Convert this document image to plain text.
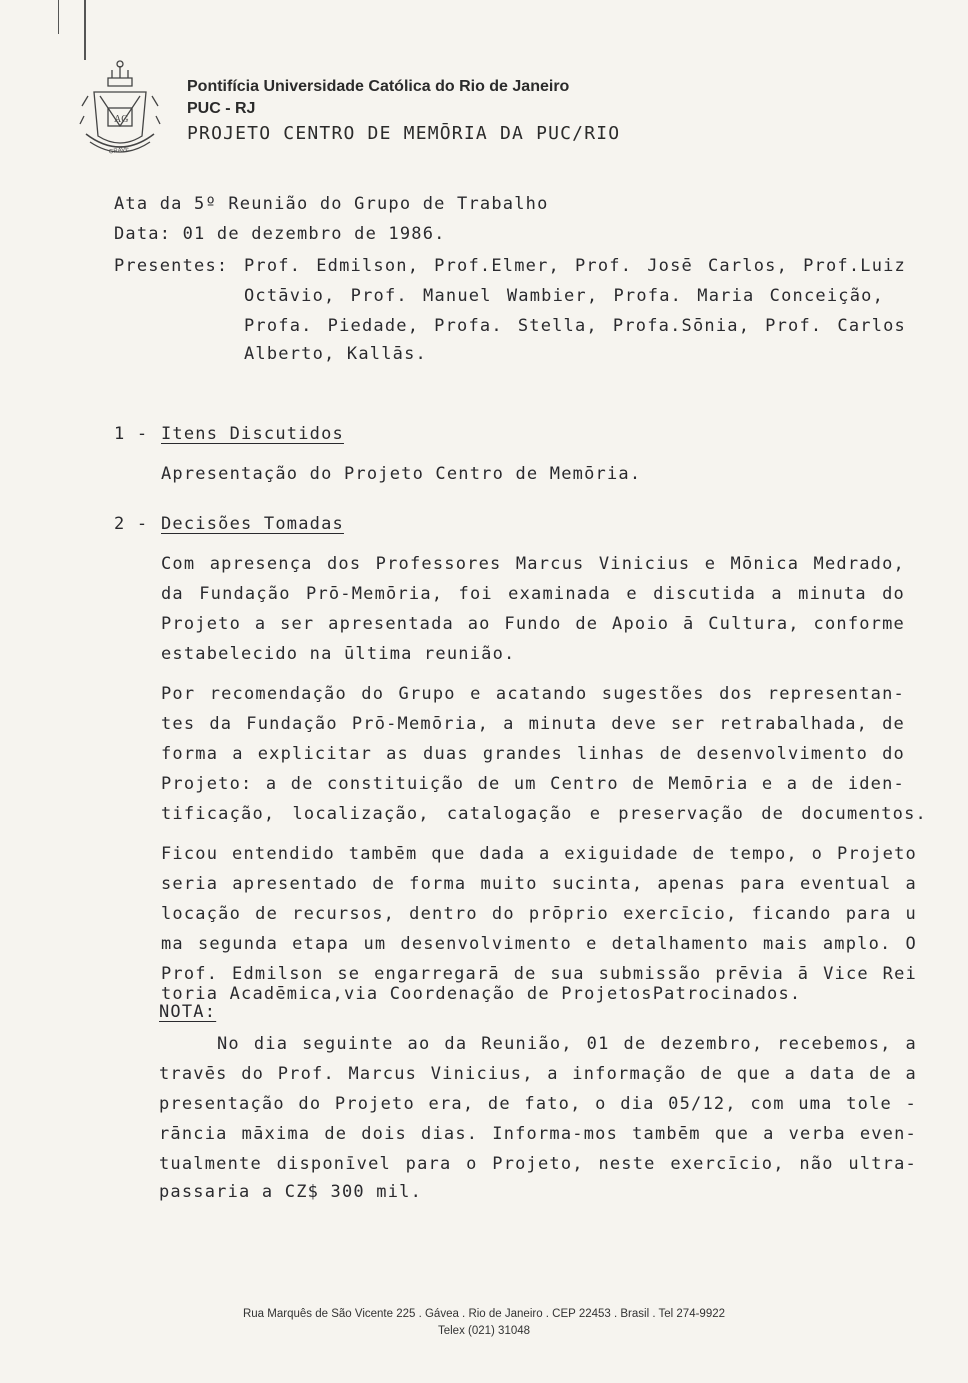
AG
GRAVE
Pontifícia Universidade Católica do Rio de Janeiro
PUC - RJ
PROJETO CENTRO DE MEMŌRIA DA PUC/RIO
Ata da 5º Reunião do Grupo de Trabalho
Data: 01 de dezembro de 1986.
Presentes: Prof. Edmilson, Prof.Elmer, Prof. Josē Carlos, Prof.Luiz
Octāvio, Prof. Manuel Wambier, Profa. Maria Conceição,
Profa. Piedade, Profa. Stella, Profa.Sōnia, Prof. Carlos
Alberto, Kallās.
1 - Itens Discutidos
Apresentação do Projeto Centro de Memōria.
2 - Decisões Tomadas
Com apresença dos Professores Marcus Vinicius e Mōnica Medrado,
da Fundação Prō-Memōria, foi examinada e discutida a minuta do
Projeto a ser apresentada ao Fundo de Apoio ā Cultura, conforme
estabelecido na ūltima reunião.
Por recomendação do Grupo e acatando sugestões dos representan-
tes da Fundação Prō-Memōria, a minuta deve ser retrabalhada, de
forma a explicitar as duas grandes linhas de desenvolvimento do
Projeto: a de constituição de um Centro de Memōria e a de iden-
tificação, localização, catalogação e preservação de documentos.
Ficou entendido tambēm que dada a exiguidade de tempo, o Projeto
seria apresentado de forma muito sucinta, apenas para eventual a
locação de recursos, dentro do prōprio exercīcio, ficando para u
ma segunda etapa um desenvolvimento e detalhamento mais amplo. O
Prof. Edmilson se engarregarā de sua submissão prēvia ā Vice Rei
toria Acadēmica,via Coordenação de ProjetosPatrocinados.
NOTA:
No dia seguinte ao da Reunião, 01 de dezembro, recebemos, a
travēs do Prof. Marcus Vinicius, a informação de que a data de a
presentação do Projeto era, de fato, o dia 05/12, com uma tole -
rāncia māxima de dois dias. Informa-mos tambēm que a verba even-
tualmente disponīvel para o Projeto, neste exercīcio, não ultra-
passaria a CZ$ 300 mil.
Rua Marquês de São Vicente 225 . Gávea . Rio de Janeiro . CEP 22453 . Brasil . Tel 274-9922
Telex (021) 31048
